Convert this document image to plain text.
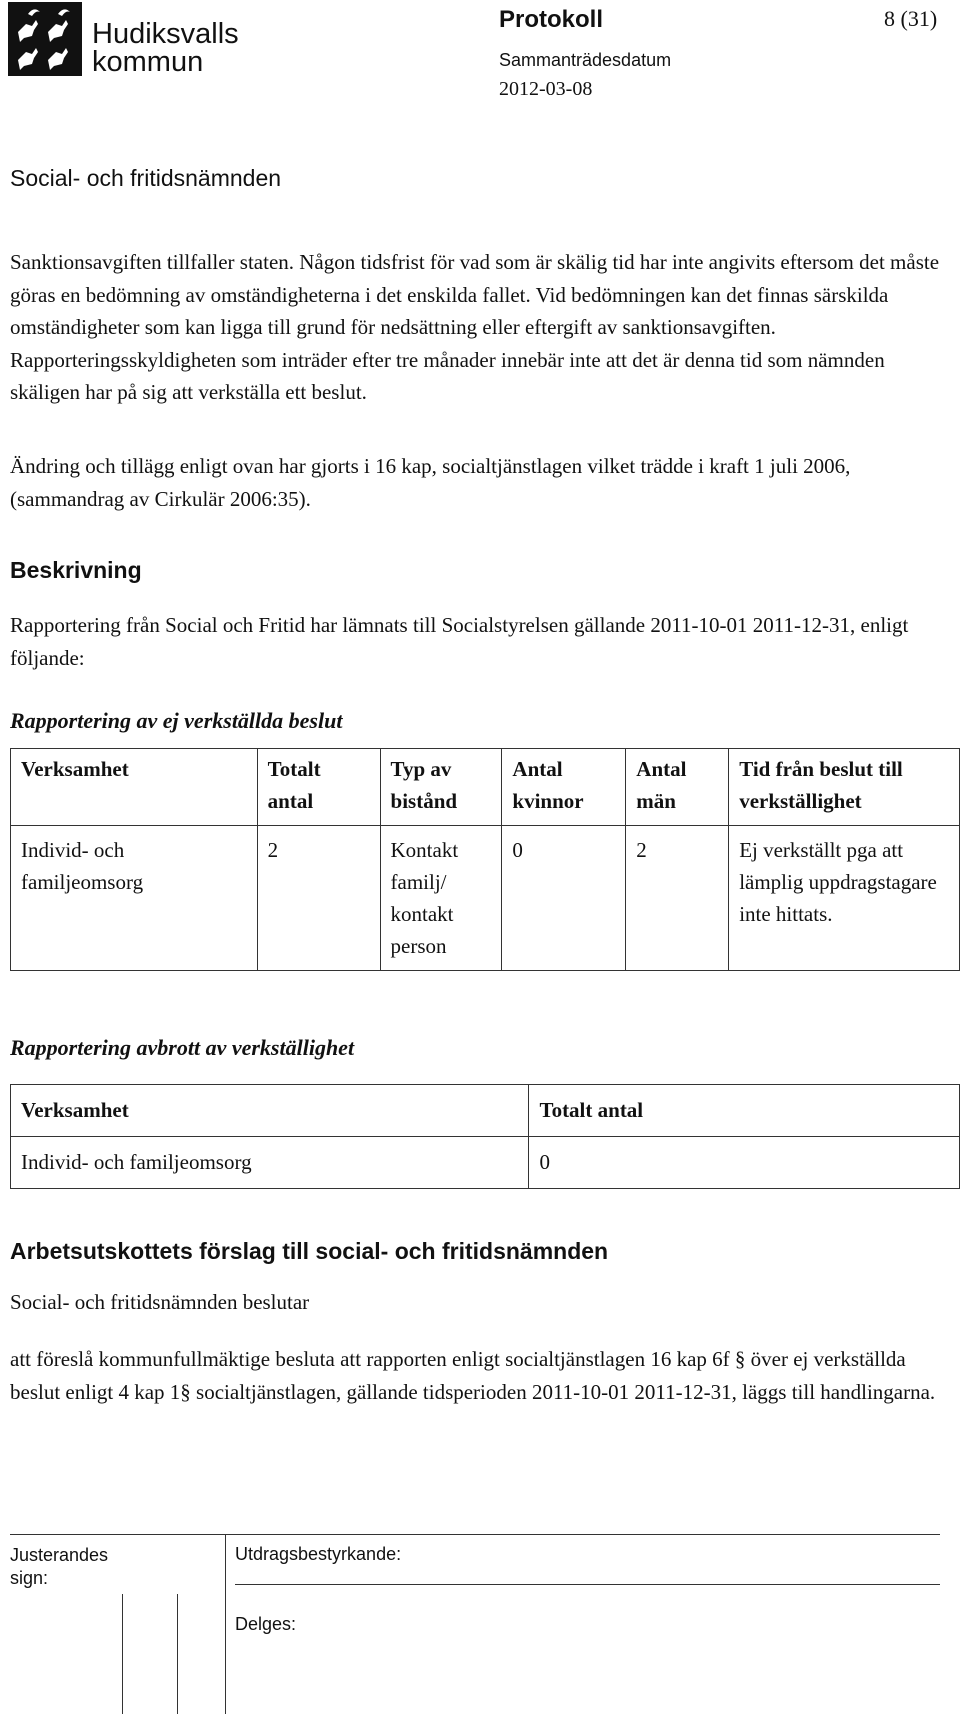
Hudiksvalls
kommun
Protokoll	8 (31)
Sammanträdesdatum
2012-03-08
Social- och fritidsnämnden

Sanktionsavgiften tillfaller staten. Någon tidsfrist för vad som är skälig tid har inte angivits eftersom det måste göras en bedömning av omständigheterna i det enskilda fallet. Vid bedömningen kan det finnas särskilda omständigheter som kan ligga till grund för nedsättning eller eftergift av sanktionsavgiften. Rapporteringsskyldigheten som inträder efter tre månader innebär inte att det är denna tid som nämnden skäligen har på sig att verkställa ett beslut.

Ändring och tillägg enligt ovan har gjorts i 16 kap, socialtjänstlagen vilket trädde i kraft 1 juli 2006, (sammandrag av Cirkulär 2006:35).

Beskrivning

Rapportering från Social och Fritid har lämnats till Socialstyrelsen gällande 2011-10-01 2011-12-31, enligt följande:

Rapportering av ej verkställda beslut
Verksamhet	Totalt antal	Typ av bistånd	Antal kvinnor	Antal män	Tid från beslut till verkställighet
Individ- och familjeomsorg	2	Kontakt familj/ kontakt person	0	2	Ej verkställt pga att lämplig uppdragstagare inte hittats.
Rapportering avbrott av verkställighet
Verksamhet	Totalt antal
Individ- och familjeomsorg	0
Arbetsutskottets förslag till social- och fritidsnämnden
Social- och fritidsnämnden beslutar
att föreslå kommunfullmäktige besluta att rapporten enligt socialtjänstlagen 16 kap 6f § över ej verkställda beslut enligt 4 kap 1§ socialtjänstlagen, gällande tidsperioden 2011-10-01 2011-12-31, läggs till handlingarna.
Justerandes sign:
Utdragsbestyrkande:
Delges:
